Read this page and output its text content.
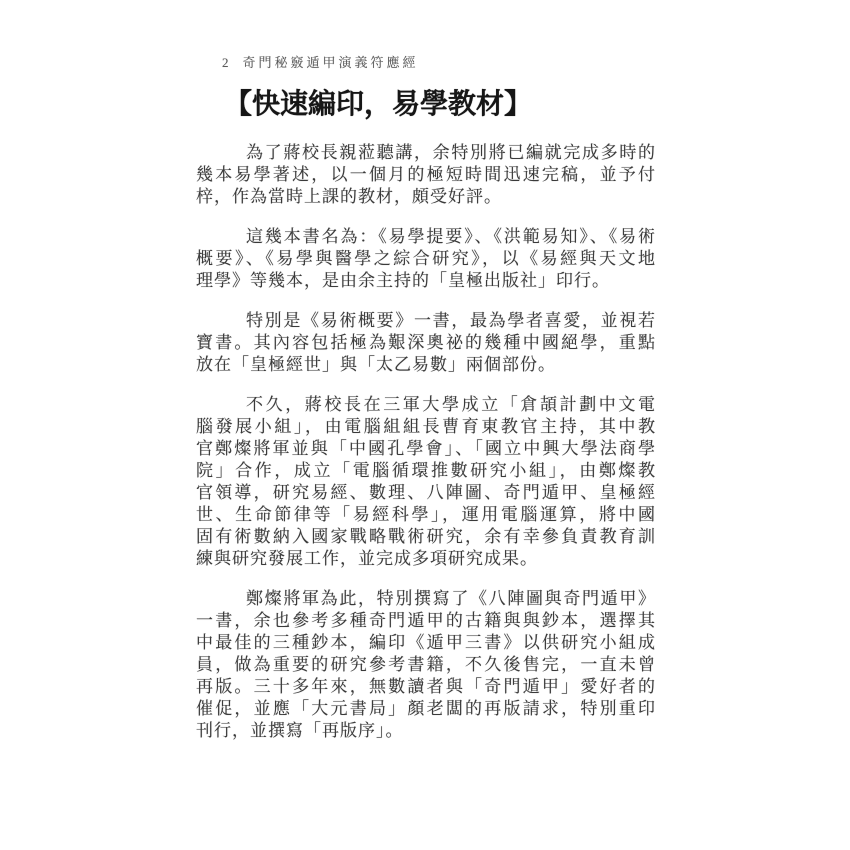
2 奇門秘竅遁甲演義符應經
【快速編印，易學教材】
為了蔣校長親蒞聽講，余特別將已編就完成多時的
幾本易學著述，以一個月的極短時間迅速完稿，並予付
梓，作為當時上課的教材，頗受好評。
這幾本書名為：《易學提要》、《洪範易知》、《易術
概要》、《易學與醫學之綜合研究》，以《易經與天文地
理學》等幾本，是由余主持的「皇極出版社」印行。
特別是《易術概要》一書，最為學者喜愛，並視若
寶書。其內容包括極為艱深奧祕的幾種中國絕學，重點
放在「皇極經世」與「太乙易數」兩個部份。
不久，蔣校長在三軍大學成立「倉頡計劃中文電
腦發展小組」，由電腦組組長曹育東教官主持，其中教
官鄭燦將軍並與「中國孔學會」、「國立中興大學法商學
院」合作，成立「電腦循環推數研究小組」，由鄭燦教
官領導，研究易經、數理、八陣圖、奇門遁甲、皇極經
世、生命節律等「易經科學」，運用電腦運算，將中國
固有術數納入國家戰略戰術研究，余有幸參負責教育訓
練與研究發展工作，並完成多項研究成果。
鄭燦將軍為此，特別撰寫了《八陣圖與奇門遁甲》
一書，余也參考多種奇門遁甲的古籍與與鈔本，選擇其
中最佳的三種鈔本，編印《遁甲三書》以供研究小組成
員，做為重要的研究參考書籍，不久後售完，一直未曾
再版。三十多年來，無數讀者與「奇門遁甲」愛好者的
催促，並應「大元書局」顏老闆的再版請求，特別重印
刊行，並撰寫「再版序」。
